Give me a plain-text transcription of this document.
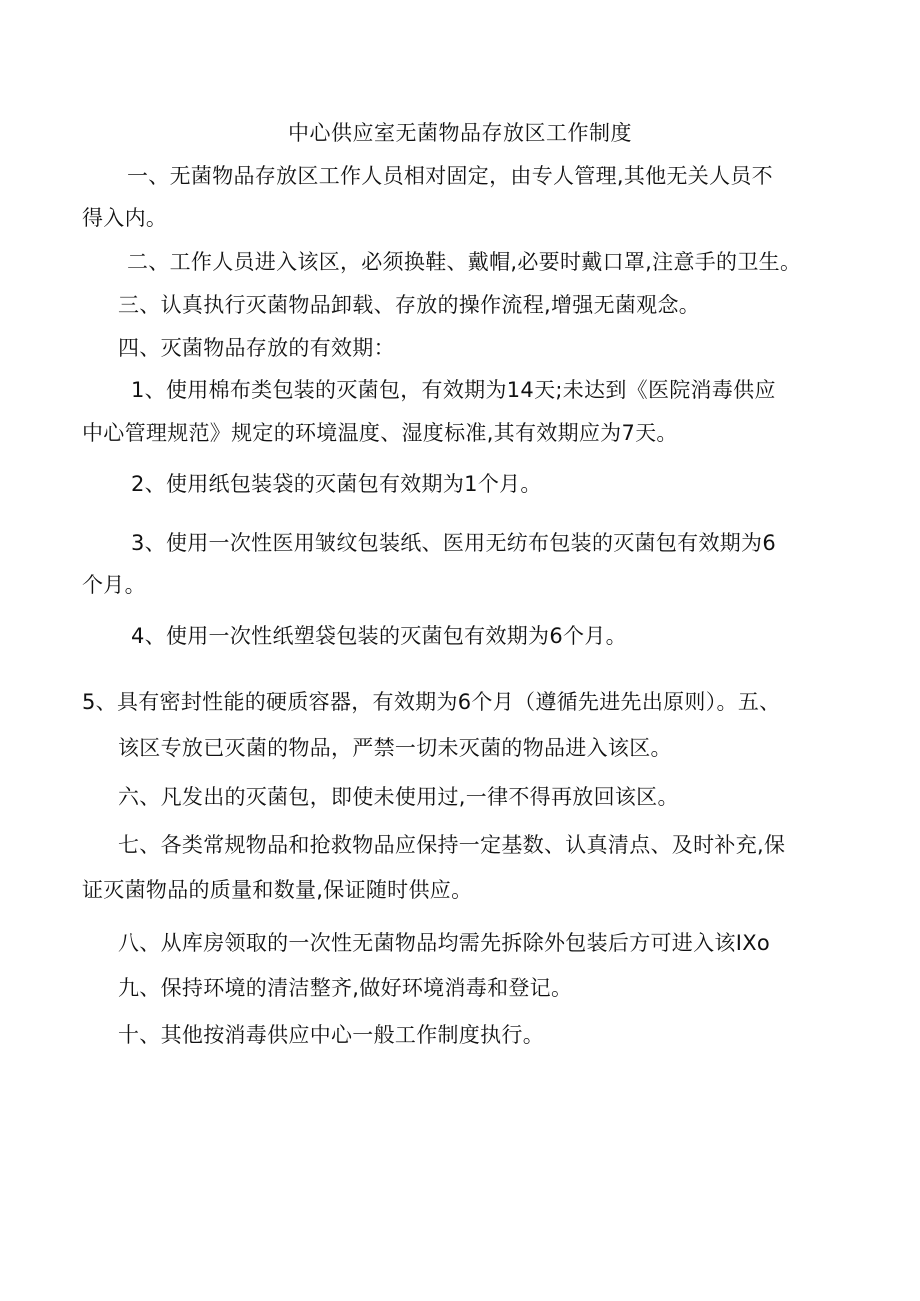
中心供应室无菌物品存放区工作制度
一、无菌物品存放区工作人员相对固定，由专人管理,其他无关人员不
得入内。
二、工作人员进入该区，必须换鞋、戴帽,必要时戴口罩,注意手的卫生。
三、认真执行灭菌物品卸载、存放的操作流程,增强无菌观念。
四、灭菌物品存放的有效期：
1、使用棉布类包装的灭菌包，有效期为14天;未达到《医院消毒供应
中心管理规范》规定的环境温度、湿度标准,其有效期应为7天。
2、使用纸包装袋的灭菌包有效期为1个月。
3、使用一次性医用皱纹包装纸、医用无纺布包装的灭菌包有效期为6
个月。
4、使用一次性纸塑袋包装的灭菌包有效期为6个月。
5、具有密封性能的硬质容器，有效期为6个月（遵循先进先出原则）。五、
该区专放已灭菌的物品，严禁一切未灭菌的物品进入该区。
六、凡发出的灭菌包，即使未使用过,一律不得再放回该区。
七、各类常规物品和抢救物品应保持一定基数、认真清点、及时补充,保
证灭菌物品的质量和数量,保证随时供应。
八、从库房领取的一次性无菌物品均需先拆除外包装后方可进入该IXo
九、保持环境的清洁整齐,做好环境消毒和登记。
十、其他按消毒供应中心一般工作制度执行。
